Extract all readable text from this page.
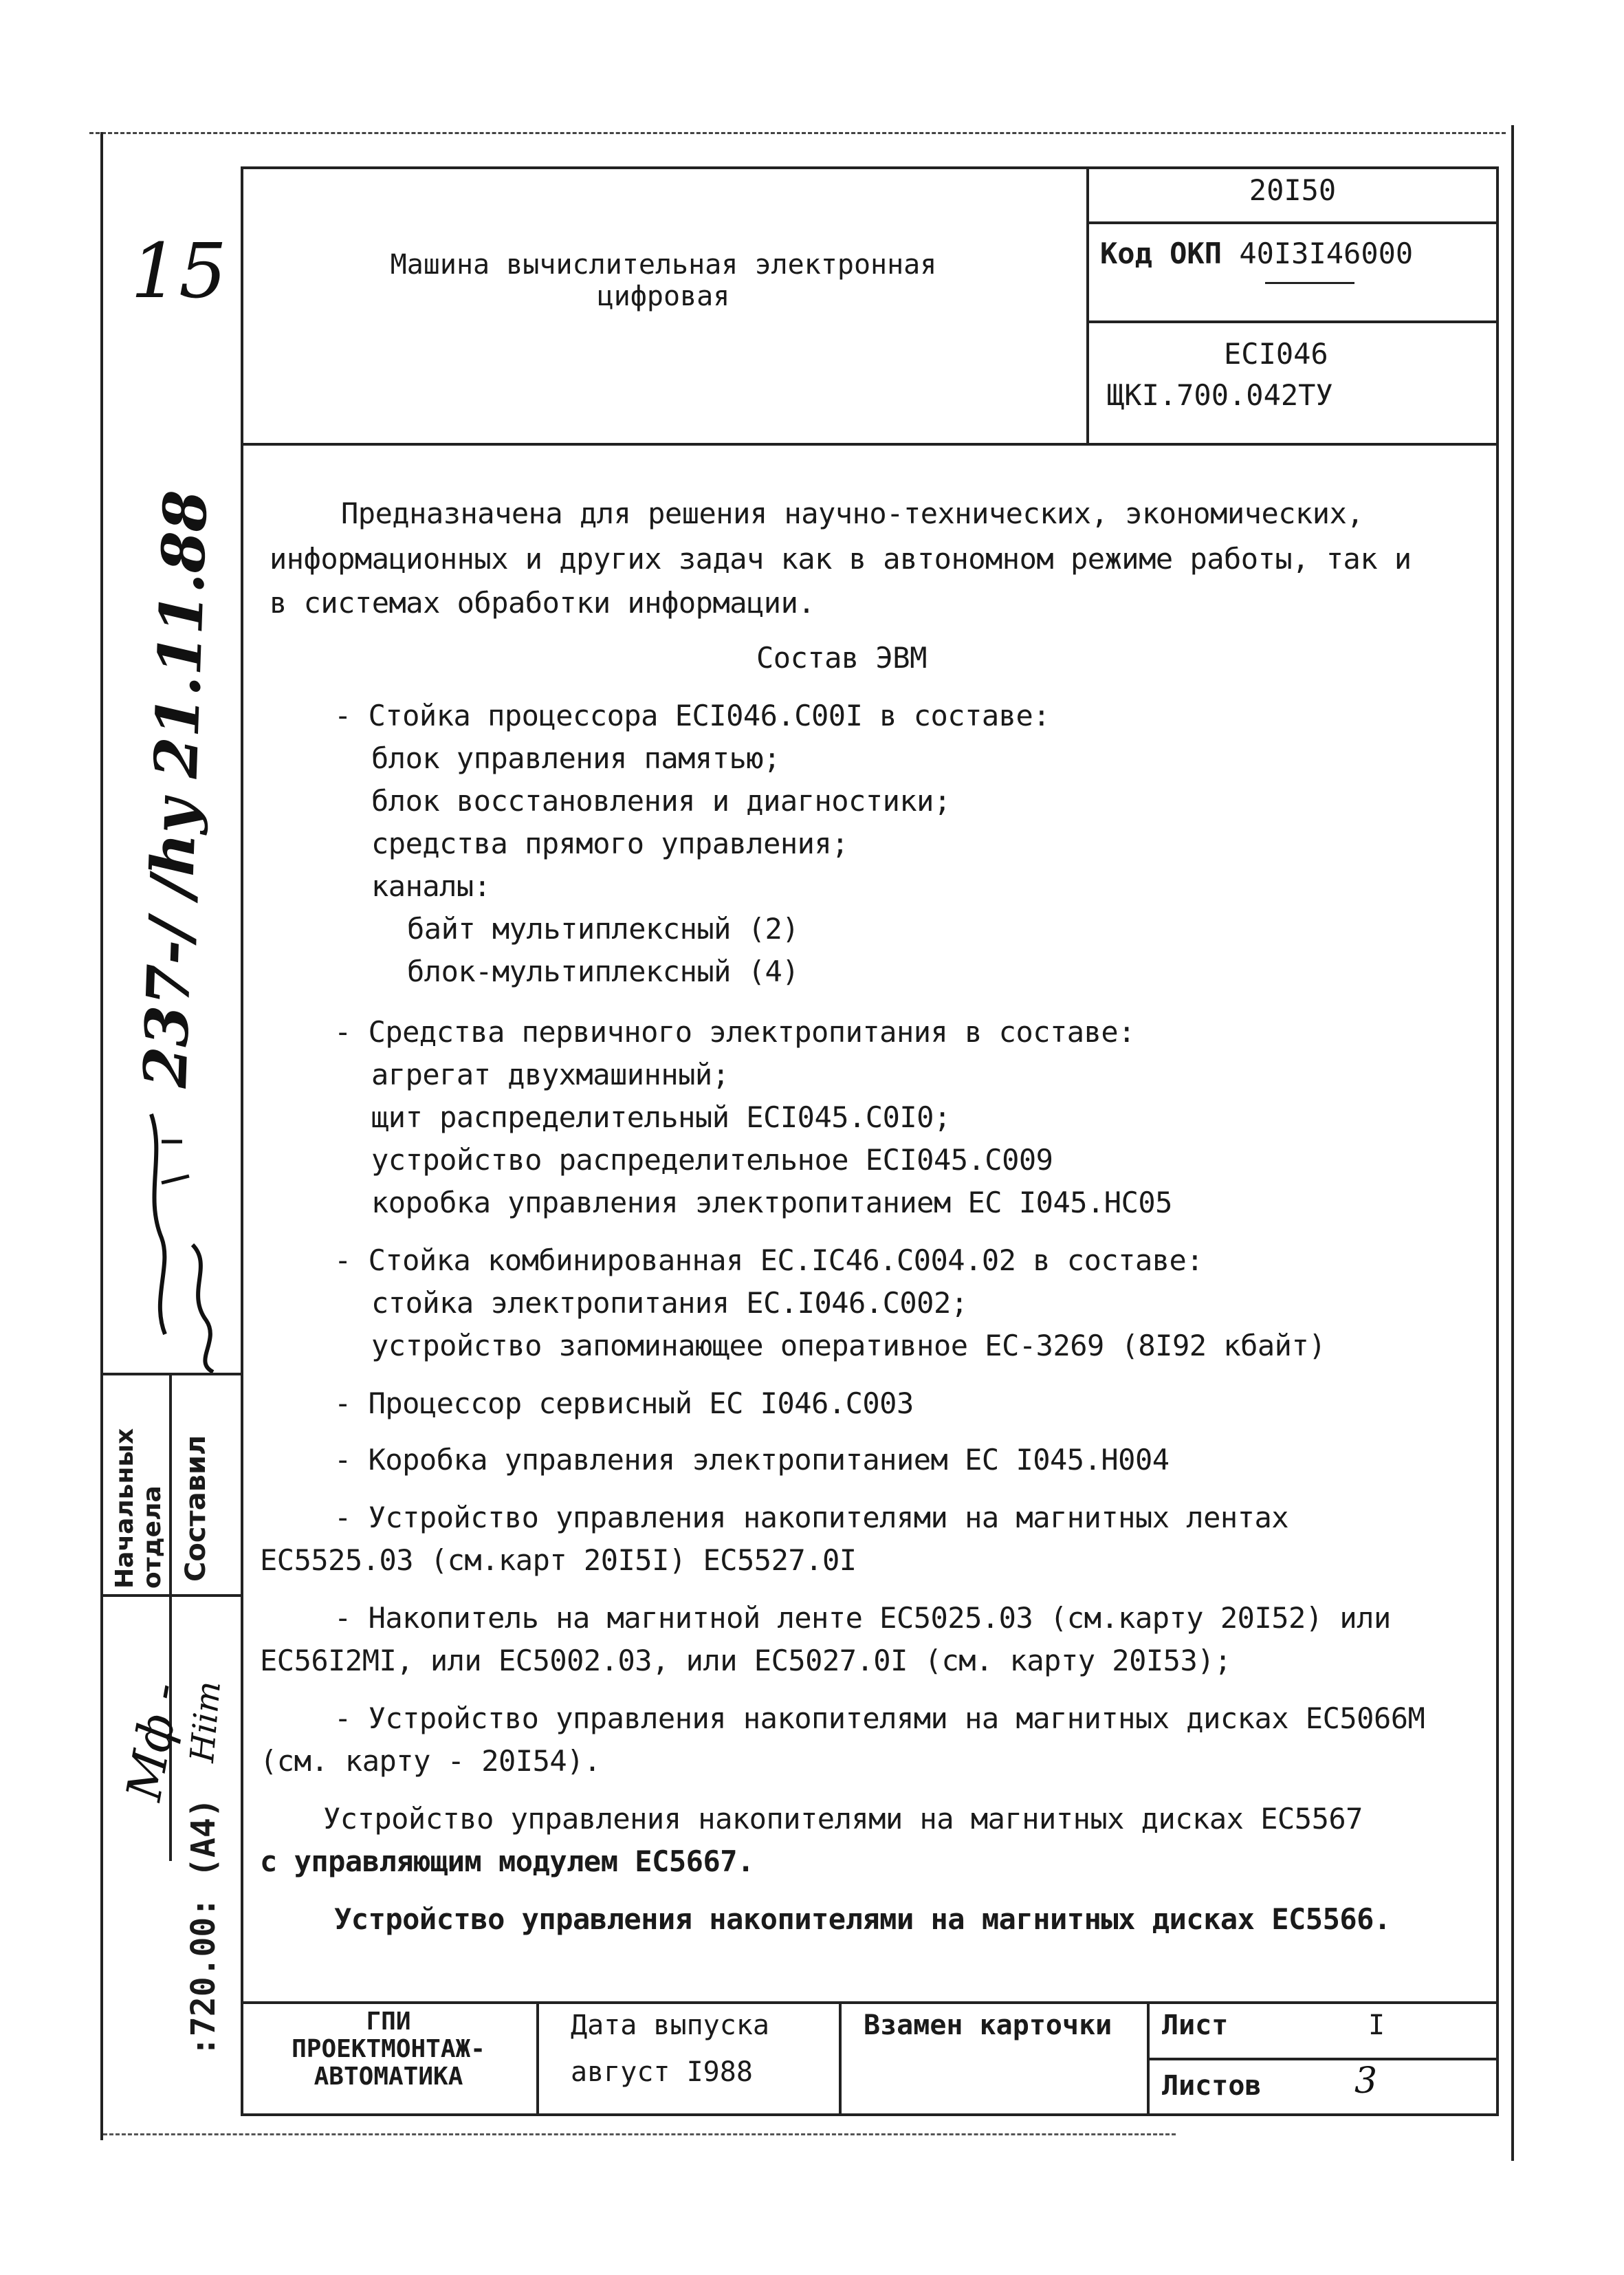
Машина вычислительная электронная
цифровая
20I50
Код ОКП 40I3I46000
ЕСI046
ЩКI.700.042ТУ
Предназначена для решения научно-технических, экономических,
информационных и других задач как в автономном режиме работы, так и
в системах обработки информации.
Состав ЭВМ
- Стойка процессора ЕСI046.С00I в составе:
блок управления памятью;
блок восстановления и диагностики;
средства прямого управления;
каналы:
байт мультиплексный (2)
блок-мультиплексный (4)
- Средства первичного электропитания в составе:
агрегат двухмашинный;
щит распределительный ЕСI045.С0I0;
устройство распределительное ЕСI045.С009
коробка управления электропитанием ЕС I045.НС05
- Стойка комбинированная ЕС.IС46.С004.02 в составе:
стойка электропитания ЕС.I046.С002;
устройство запоминающее оперативное ЕС-3269 (8I92 кбайт)
- Процессор сервисный ЕС I046.С003
- Коробка управления электропитанием ЕС I045.Н004
- Устройство управления накопителями на магнитных лентах
ЕС5525.03 (см.карт 20I5I) ЕС5527.0I
- Накопитель на магнитной ленте ЕС5025.03 (см.карту 20I52) или
ЕС56I2МI, или ЕС5002.03, или ЕС5027.0I (см. карту 20I53);
- Устройство управления накопителями на магнитных дисках ЕС5066М
(см. карту - 20I54).
Устройство управления накопителями на магнитных дисках ЕС5567
с управляющим модулем ЕС5667.
Устройство управления накопителями на магнитных дисках ЕС5566.
ГПИ
ПРОЕКТМОНТАЖ-
АВТОМАТИКА
Дата выпуска
август I988
Взамен карточки Лист	I
Листов	3
15
237-/ /hy 21.11.88
Начальных отдела Составил
Мф -
Hiim
:720.00: (A4)
